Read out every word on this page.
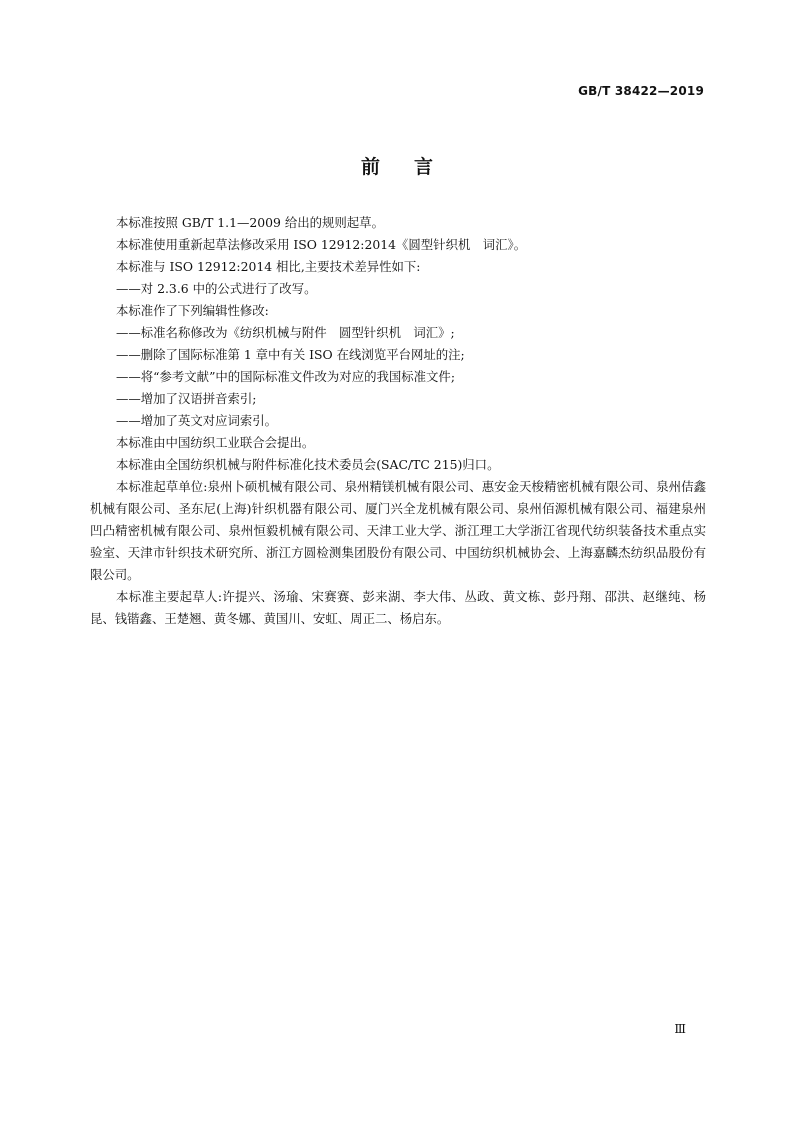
GB/T 38422—2019
前言

本标准按照 GB/T 1.1—2009 给出的规则起草。

本标准使用重新起草法修改采用 ISO 12912:2014《圆型针织机　词汇》。

本标准与 ISO 12912:2014 相比,主要技术差异性如下:

——对 2.3.6 中的公式进行了改写。

本标准作了下列编辑性修改:

——标准名称修改为《纺织机械与附件　圆型针织机　词汇》;

——删除了国际标准第 1 章中有关 ISO 在线浏览平台网址的注;

——将“参考文献”中的国际标准文件改为对应的我国标准文件;

——增加了汉语拼音索引;

——增加了英文对应词索引。

本标准由中国纺织工业联合会提出。

本标准由全国纺织机械与附件标准化技术委员会(SAC/TC 215)归口。

本标准起草单位:泉州卜硕机械有限公司、泉州精镁机械有限公司、惠安金天梭精密机械有限公司、泉州佶鑫机械有限公司、圣东尼(上海)针织机器有限公司、厦门兴全龙机械有限公司、泉州佰源机械有限公司、福建泉州凹凸精密机械有限公司、泉州恒毅机械有限公司、天津工业大学、浙江理工大学浙江省现代纺织装备技术重点实验室、天津市针织技术研究所、浙江方圆检测集团股份有限公司、中国纺织机械协会、上海嘉麟杰纺织品股份有限公司。

本标准主要起草人:许提兴、汤瑜、宋赛赛、彭来湖、李大伟、丛政、黄文栋、彭丹翔、邵洪、赵继纯、杨昆、钱锴鑫、王楚翘、黄冬娜、黄国川、安虹、周正二、杨启东。

Ⅲ
